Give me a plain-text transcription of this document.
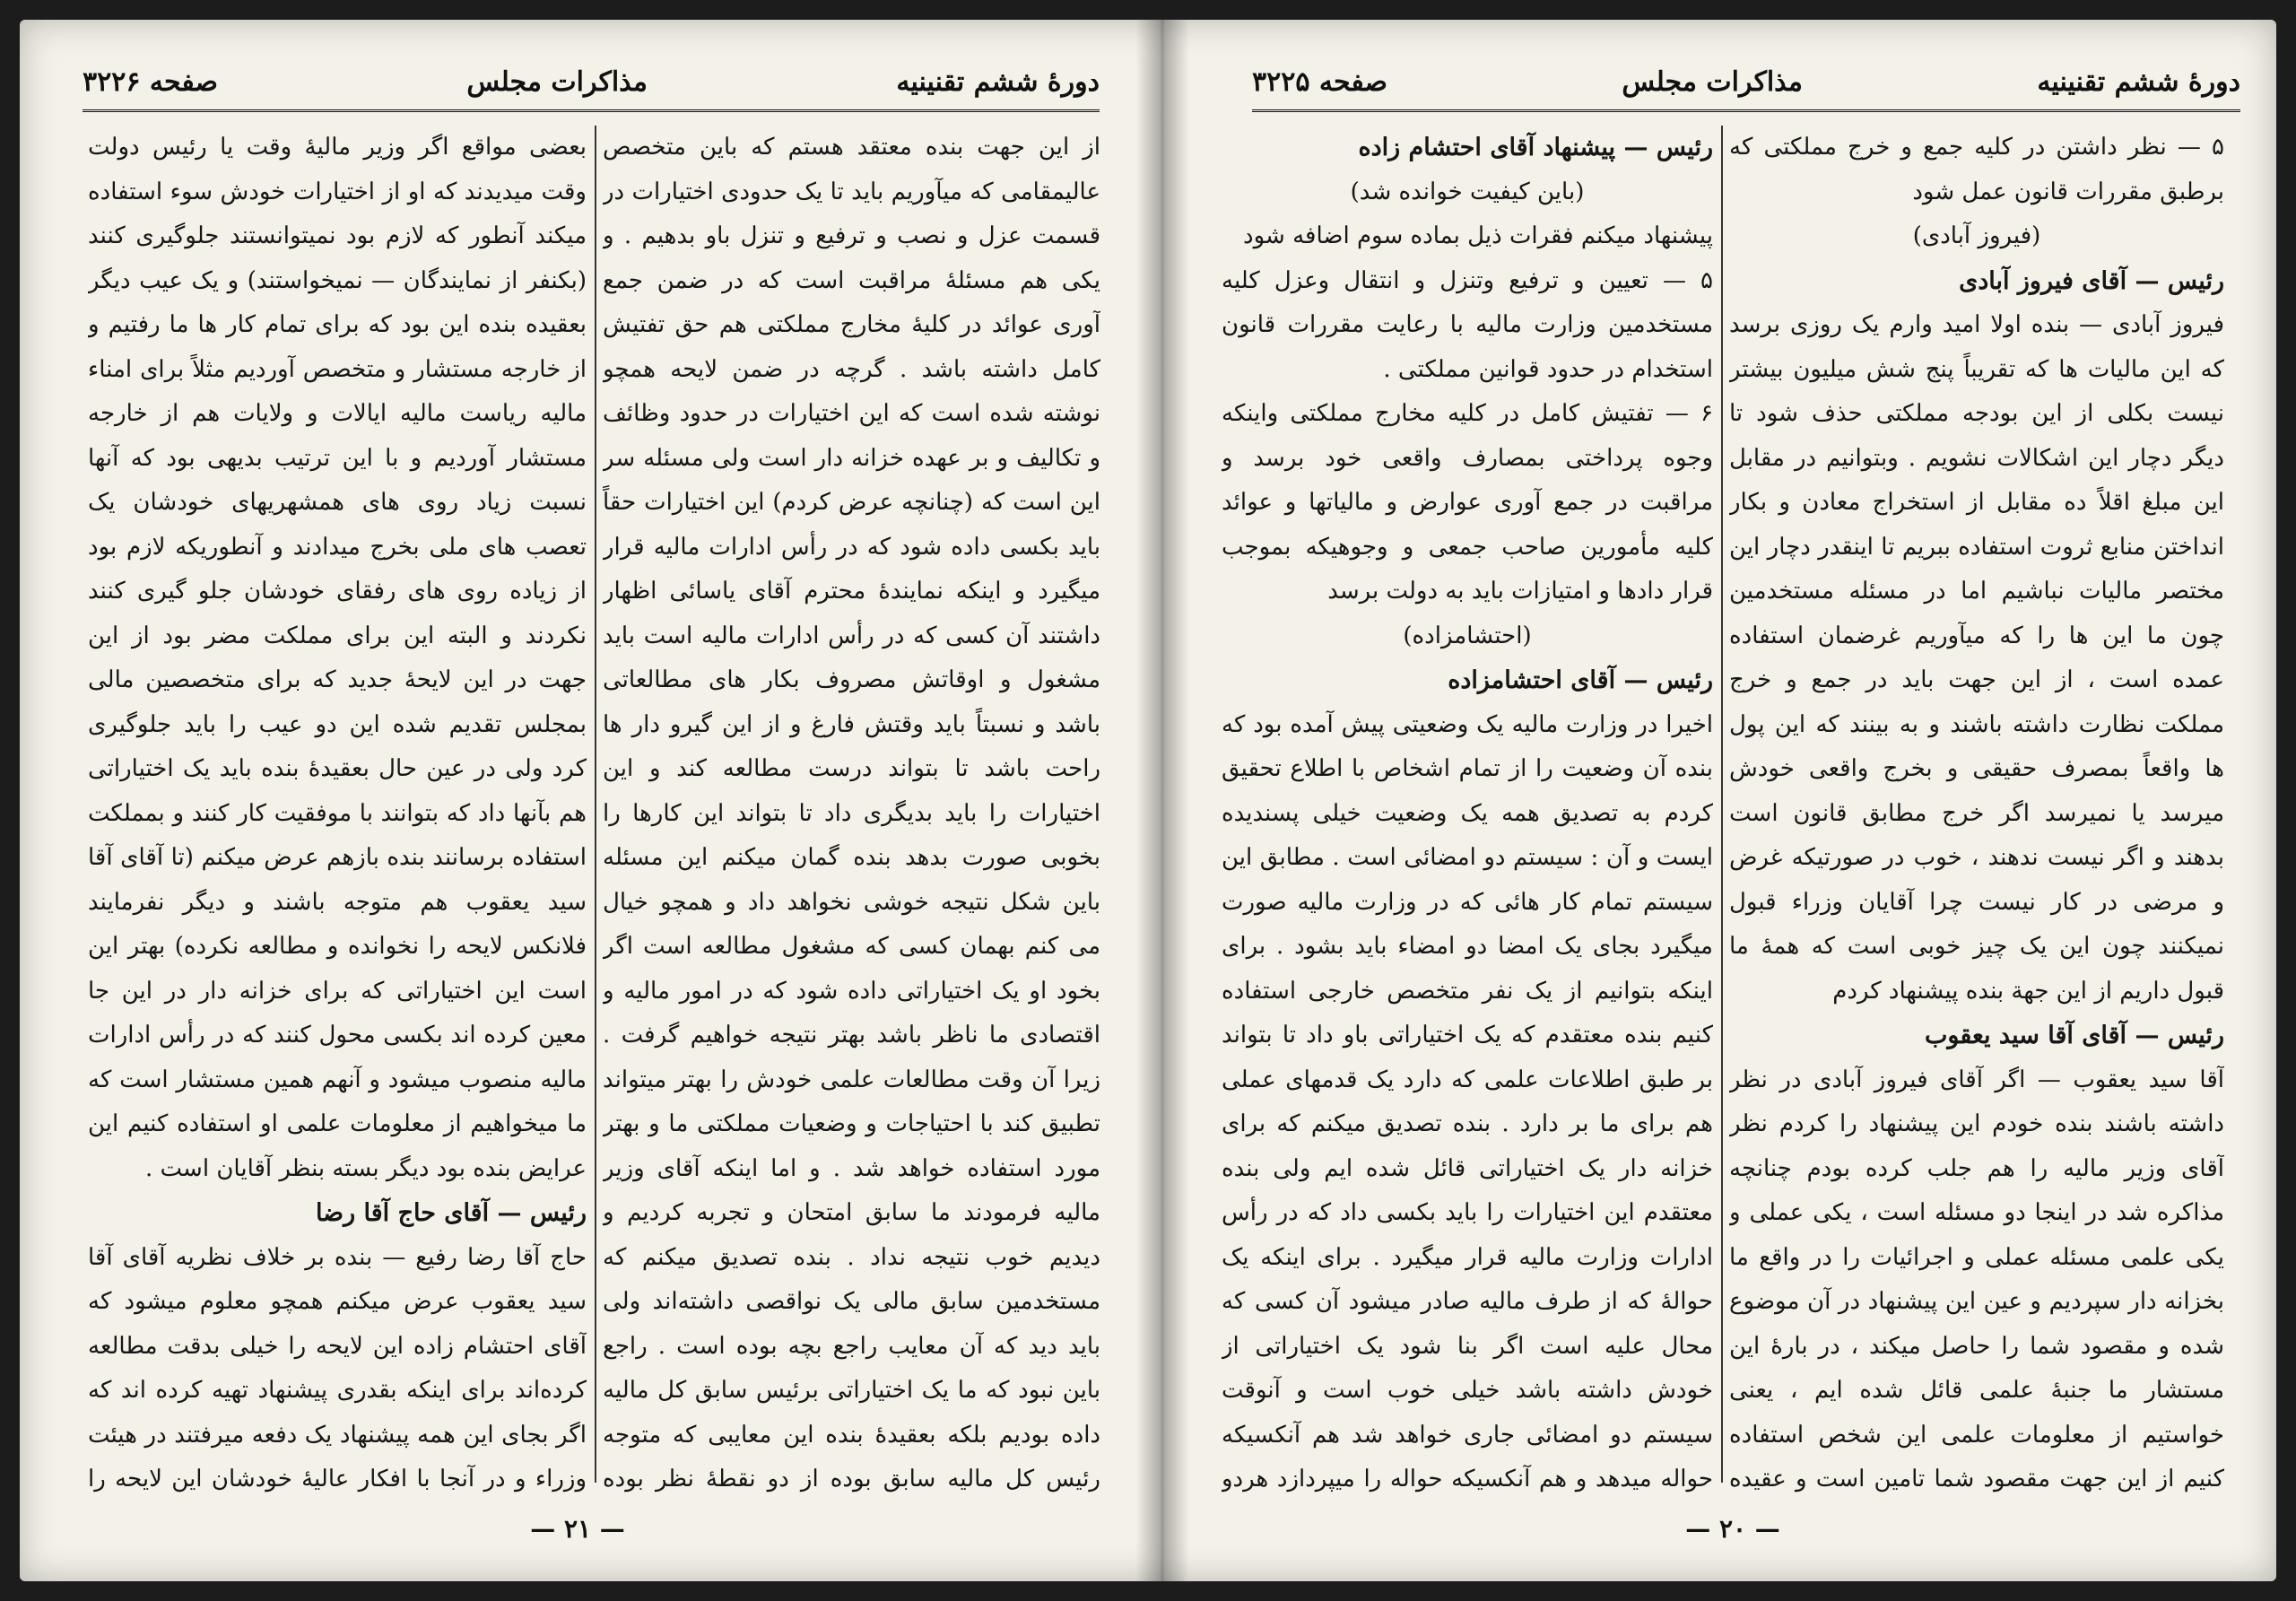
دورهٔ ششم تقنینیه
مذاکرات مجلس
صفحه ۳۲۲۶

از این جهت بنده معتقد هستم که باین متخصص عالیمقامی که میآوریم باید تا یک حدودی اختیارات در قسمت عزل و نصب و ترفیع و تنزل باو بدهیم . و یکی هم مسئلهٔ مراقبت است که در ضمن جمع آوری عوائد در کلیهٔ مخارج مملکتی هم حق تفتیش کامل داشته باشد . گرچه در ضمن لایحه همچو نوشته شده است که این اختیارات در حدود وظائف و تکالیف و بر عهده خزانه دار است ولی مسئله سر این است که (چنانچه عرض کردم) این اختیارات حقاً باید بکسی داده شود که در رأس ادارات مالیه قرار میگیرد و اینکه نمایندهٔ محترم آقای یاسائی اظهار داشتند آن کسی که در رأس ادارات مالیه است باید مشغول و اوقاتش مصروف بکار های مطالعاتی باشد و نسبتاً باید وقتش فارغ و از این گیرو دار ها راحت باشد تا بتواند درست مطالعه کند و این اختیارات را باید بدیگری داد تا بتواند این کارها را بخوبی صورت بدهد بنده گمان میکنم این مسئله باین شکل نتیجه خوشی نخواهد داد و همچو خیال می کنم بهمان کسی که مشغول مطالعه است اگر بخود او یک اختیاراتی داده شود که در امور مالیه و اقتصادی ما ناظر باشد بهتر نتیجه خواهیم گرفت . زیرا آن وقت مطالعات علمی خودش را بهتر میتواند تطبیق کند با احتیاجات و وضعیات مملکتی ما و بهتر مورد استفاده خواهد شد . و اما اینکه آقای وزیر مالیه فرمودند ما سابق امتحان و تجربه کردیم و دیدیم خوب نتیجه نداد . بنده تصدیق میکنم که مستخدمین سابق مالی یک نواقصی داشته‌اند ولی باید دید که آن معایب راجع بچه بوده است . راجع باین نبود که ما یک اختیاراتی برئیس سابق کل مالیه داده بودیم بلکه بعقیدهٔ بنده این معایبی که متوجه رئیس کل مالیه سابق بوده از دو نقطهٔ نظر بوده

بعضی مواقع اگر وزیر مالیهٔ وقت یا رئیس دولت وقت میدیدند که او از اختیارات خودش سوء استفاده میکند آنطور که لازم بود نمیتوانستند جلوگیری کنند (بکنفر از نمایندگان — نمیخواستند) و یک عیب دیگر بعقیده بنده این بود که برای تمام کار ها ما رفتیم و از خارجه مستشار و متخصص آوردیم مثلاً برای امناء مالیه ریاست مالیه ایالات و ولایات هم از خارجه مستشار آوردیم و با این ترتیب بدیهی بود که آنها نسبت زیاد روی های همشهریهای خودشان یک تعصب های ملی بخرج میدادند و آنطوریکه لازم بود از زیاده روی های رفقای خودشان جلو گیری کنند نکردند و البته این برای مملکت مضر بود از این جهت در این لایحهٔ جدید که برای متخصصین مالی بمجلس تقدیم شده این دو عیب را باید جلوگیری کرد ولی در عین حال بعقیدهٔ بنده باید یک اختیاراتی هم بآنها داد که بتوانند با موفقیت کار کنند و بمملکت استفاده برسانند بنده بازهم عرض میکنم (تا آقای آقا سید یعقوب هم متوجه باشند و دیگر نفرمایند فلانکس لایحه را نخوانده و مطالعه نکرده) بهتر این است این اختیاراتی که برای خزانه دار در این جا معین کرده اند بکسی محول کنند که در رأس ادارات مالیه منصوب میشود و آنهم همین مستشار است که ما میخواهیم از معلومات علمی او استفاده کنیم این عرایض بنده بود دیگر بسته بنظر آقایان است .

رئیس — آقای حاج آقا رضا

حاج آقا رضا رفیع — بنده بر خلاف نظریه آقای آقا سید یعقوب عرض میکنم همچو معلوم میشود که آقای احتشام زاده این لایحه را خیلی بدقت مطالعه کرده‌اند برای اینکه بقدری پیشنهاد تهیه کرده اند که اگر بجای این همه پیشنهاد یک دفعه میرفتند در هیئت وزراء و در آنجا با افکار عالیهٔ خودشان این لایحه را

— ۲۱ —
دورهٔ ششم تقنینیه
مذاکرات مجلس
صفحه ۳۲۲۵

۵ — نظر داشتن در کلیه جمع و خرج مملکتی که برطبق مقررات قانون عمل شود

(فیروز آبادی)

رئیس — آقای فیروز آبادی

فیروز آبادی — بنده اولا امید وارم یک روزی برسد که این مالیات ها که تقریباً پنج شش میلیون بیشتر نیست بکلی از این بودجه مملکتی حذف شود تا دیگر دچار این اشکالات نشویم . وبتوانیم در مقابل این مبلغ اقلاً ده مقابل از استخراج معادن و بکار انداختن منابع ثروت استفاده ببریم تا اینقدر دچار این مختصر مالیات نباشیم اما در مسئله مستخدمین چون ما این ها را که میآوریم غرضمان استفاده عمده است ، از این جهت باید در جمع و خرج مملکت نظارت داشته باشند و به بینند که این پول ها واقعاً بمصرف حقیقی و بخرج واقعی خودش میرسد یا نمیرسد اگر خرج مطابق قانون است بدهند و اگر نیست ندهند ، خوب در صورتیکه غرض و مرضی در کار نیست چرا آقایان وزراء قبول نمیکنند چون این یک چیز خوبی است که همهٔ ما قبول داریم از این جهة بنده پیشنهاد کردم

رئیس — آقای آقا سید یعقوب

آقا سید یعقوب — اگر آقای فیروز آبادی در نظر داشته باشند بنده خودم این پیشنهاد را کردم نظر آقای وزیر مالیه را هم جلب کرده بودم چنانچه مذاکره شد در اینجا دو مسئله است ، یکی عملی و یکی علمی مسئله عملی و اجرائیات را در واقع ما بخزانه دار سپردیم و عین این پیشنهاد در آن موضوع شده و مقصود شما را حاصل میکند ، در بارهٔ این مستشار ما جنبهٔ علمی قائل شده ایم ، یعنی خواستیم از معلومات علمی این شخص استفاده کنیم از این جهت مقصود شما تامین است و عقیده

رئیس — پیشنهاد آقای احتشام زاده

(باین کیفیت خوانده شد)

پیشنهاد میکنم فقرات ذیل بماده سوم اضافه شود

۵ — تعیین و ترفیع وتنزل و انتقال وعزل کلیه مستخدمین وزارت مالیه با رعایت مقررات قانون استخدام در حدود قوانین مملکتی .

۶ — تفتیش کامل در کلیه مخارج مملکتی واینکه وجوه پرداختی بمصارف واقعی خود برسد و مراقبت در جمع آوری عوارض و مالیاتها و عوائد کلیه مأمورین صاحب جمعی و وجوهیکه بموجب قرار دادها و امتیازات باید به دولت برسد

(احتشامزاده)

رئیس — آقای احتشامزاده

اخیرا در وزارت مالیه یک وضعیتی پیش آمده بود که بنده آن وضعیت را از تمام اشخاص با اطلاع تحقیق کردم به تصدیق همه یک وضعیت خیلی پسندیده ایست و آن : سیستم دو امضائی است . مطابق این سیستم تمام کار هائی که در وزارت مالیه صورت میگیرد بجای یک امضا دو امضاء باید بشود . برای اینکه بتوانیم از یک نفر متخصص خارجی استفاده کنیم بنده معتقدم که یک اختیاراتی باو داد تا بتواند بر طبق اطلاعات علمی که دارد یک قدمهای عملی هم برای ما بر دارد . بنده تصدیق میکنم که برای خزانه دار یک اختیاراتی قائل شده ایم ولی بنده معتقدم این اختیارات را باید بکسی داد که در رأس ادارات وزارت مالیه قرار میگیرد . برای اینکه یک حوالهٔ که از طرف مالیه صادر میشود آن کسی که محال علیه است اگر بنا شود یک اختیاراتی از خودش داشته باشد خیلی خوب است و آنوقت سیستم دو امضائی جاری خواهد شد هم آنکسیکه حواله میدهد و هم آنکسیکه حواله را میپردازد هردو

— ۲۰ —
